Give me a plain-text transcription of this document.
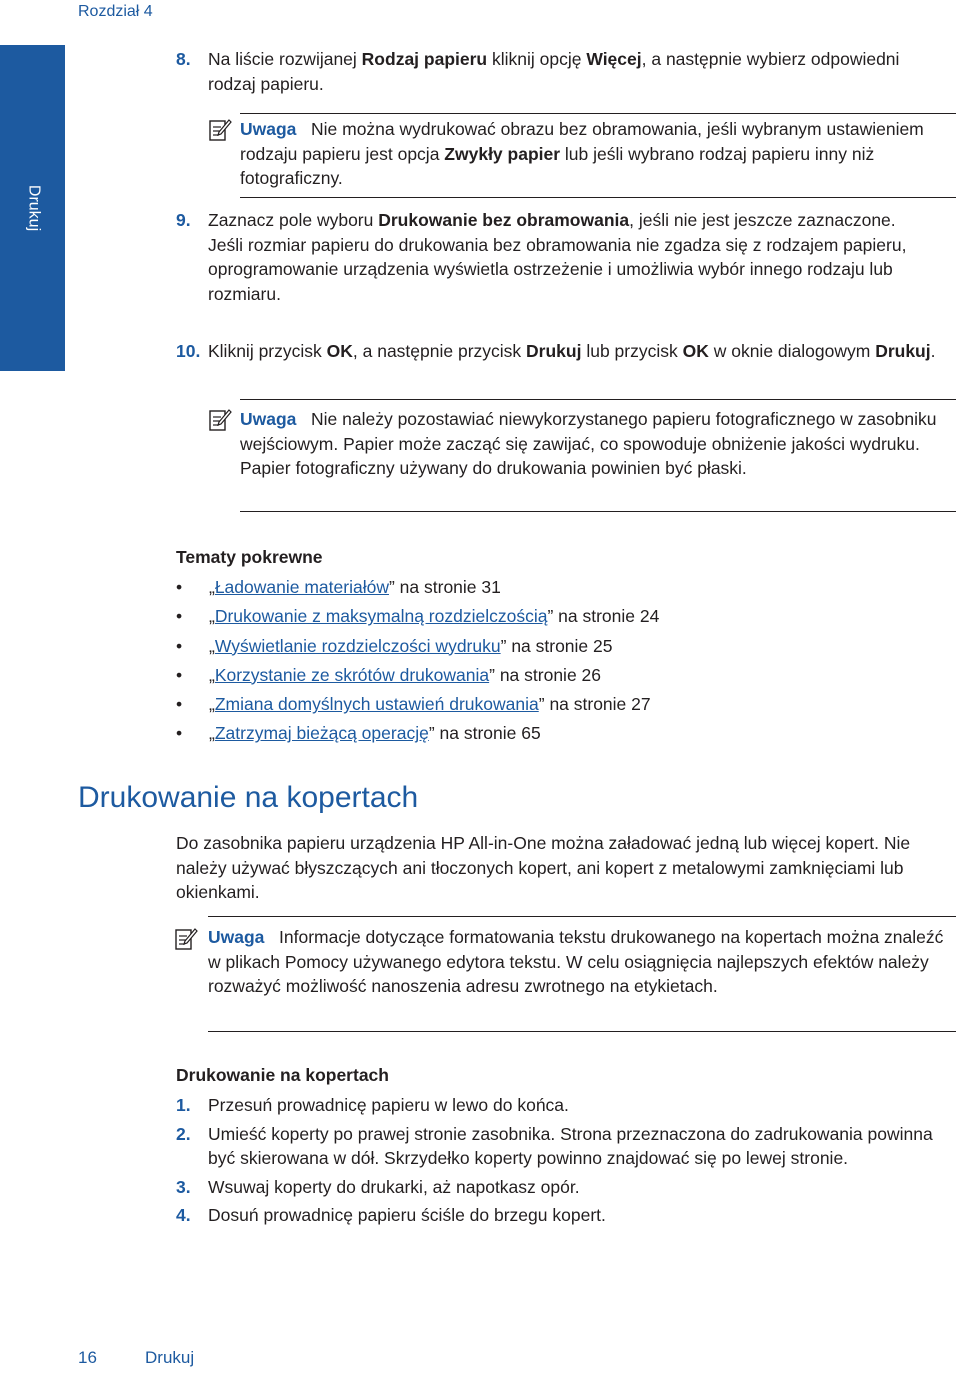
Rozdział 4
Drukuj
8. Na liście rozwijanej Rodzaj papieru kliknij opcję Więcej, a następnie wybierz odpowiedni rodzaj papieru.
Uwaga Nie można wydrukować obrazu bez obramowania, jeśli wybranym ustawieniem rodzaju papieru jest opcja Zwykły papier lub jeśli wybrano rodzaj papieru inny niż fotograficzny.
9. Zaznacz pole wyboru Drukowanie bez obramowania, jeśli nie jest jeszcze zaznaczone.
Jeśli rozmiar papieru do drukowania bez obramowania nie zgadza się z rodzajem papieru, oprogramowanie urządzenia wyświetla ostrzeżenie i umożliwia wybór innego rodzaju lub rozmiaru.
10. Kliknij przycisk OK, a następnie przycisk Drukuj lub przycisk OK w oknie dialogowym Drukuj.
Uwaga Nie należy pozostawiać niewykorzystanego papieru fotograficznego w zasobniku wejściowym. Papier może zacząć się zawijać, co spowoduje obniżenie jakości wydruku. Papier fotograficzny używany do drukowania powinien być płaski.
Tematy pokrewne
• „Ładowanie materiałów” na stronie 31
• „Drukowanie z maksymalną rozdzielczością” na stronie 24
• „Wyświetlanie rozdzielczości wydruku” na stronie 25
• „Korzystanie ze skrótów drukowania” na stronie 26
• „Zmiana domyślnych ustawień drukowania” na stronie 27
• „Zatrzymaj bieżącą operację” na stronie 65
Drukowanie na kopertach
Do zasobnika papieru urządzenia HP All-in-One można załadować jedną lub więcej kopert. Nie należy używać błyszczących ani tłoczonych kopert, ani kopert z metalowymi zamknięciami lub okienkami.
Uwaga Informacje dotyczące formatowania tekstu drukowanego na kopertach można znaleźć w plikach Pomocy używanego edytora tekstu. W celu osiągnięcia najlepszych efektów należy rozważyć możliwość nanoszenia adresu zwrotnego na etykietach.
Drukowanie na kopertach
1. Przesuń prowadnicę papieru w lewo do końca.
2. Umieść koperty po prawej stronie zasobnika. Strona przeznaczona do zadrukowania powinna być skierowana w dół. Skrzydełko koperty powinno znajdować się po lewej stronie.
3. Wsuwaj koperty do drukarki, aż napotkasz opór.
4. Dosuń prowadnicę papieru ściśle do brzegu kopert.
16	Drukuj
